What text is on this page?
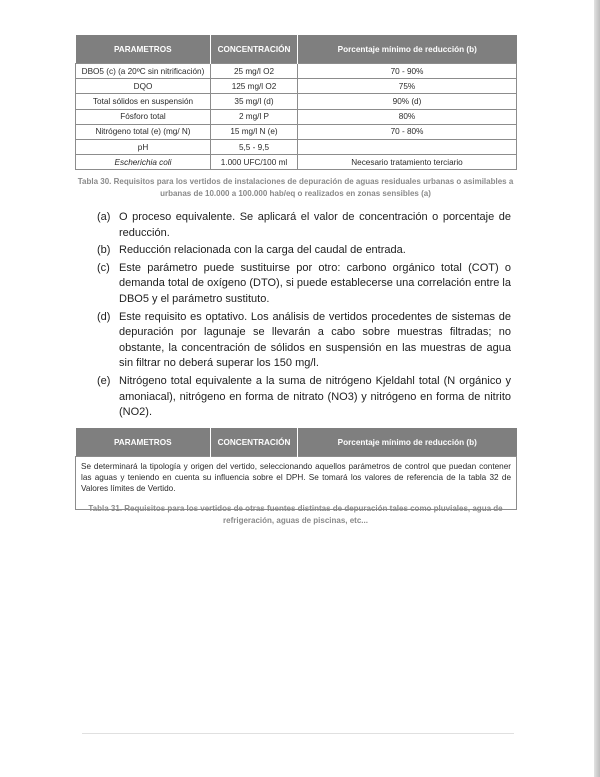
PARAMETROS	CONCENTRACIÓN	Porcentaje mínimo de reducción (b)
DBO5 (c) (a 20ºC sin nitrificación)	25 mg/l O2	70 - 90%
DQO	125 mg/l O2	75%
Total sólidos en suspensión	35 mg/l (d)	90% (d)
Fósforo total	2 mg/l P	80%
Nitrógeno total (e) (mg/ N)	15 mg/l N (e)	70 - 80%
pH	5,5 - 9,5	
Escherichia coli	1.000 UFC/100 ml	Necesario tratamiento terciario
Tabla 30. Requisitos para los vertidos de instalaciones de depuración de aguas residuales urbanas o asimilables a
urbanas de 10.000 a 100.000 hab/eq o realizados en zonas sensibles (a)
(a) O proceso equivalente. Se aplicará el valor de concentración o porcentaje de reducción.
(b) Reducción relacionada con la carga del caudal de entrada.
(c) Este parámetro puede sustituirse por otro: carbono orgánico total (COT) o demanda total de oxígeno (DTO), si puede establecerse una correlación entre la DBO5 y el parámetro sustituto.
(d) Este requisito es optativo. Los análisis de vertidos procedentes de sistemas de depuración por lagunaje se llevarán a cabo sobre muestras filtradas; no obstante, la concentración de sólidos en suspensión en las muestras de agua sin filtrar no deberá superar los 150 mg/l.
(e) Nitrógeno total equivalente a la suma de nitrógeno Kjeldahl total (N orgánico y amoniacal), nitrógeno en forma de nitrato (NO3) y nitrógeno en forma de nitrito (NO2).
PARAMETROS	CONCENTRACIÓN	Porcentaje mínimo de reducción (b)
Se determinará la tipología y origen del vertido, seleccionando aquellos parámetros de control que puedan contener las aguas y teniendo en cuenta su influencia sobre el DPH. Se tomará los valores de referencia de la tabla 32 de Valores límites de Vertido.
Tabla 31. Requisitos para los vertidos de otras fuentes distintas de depuración tales como pluviales, agua de
refrigeración, aguas de piscinas, etc...
